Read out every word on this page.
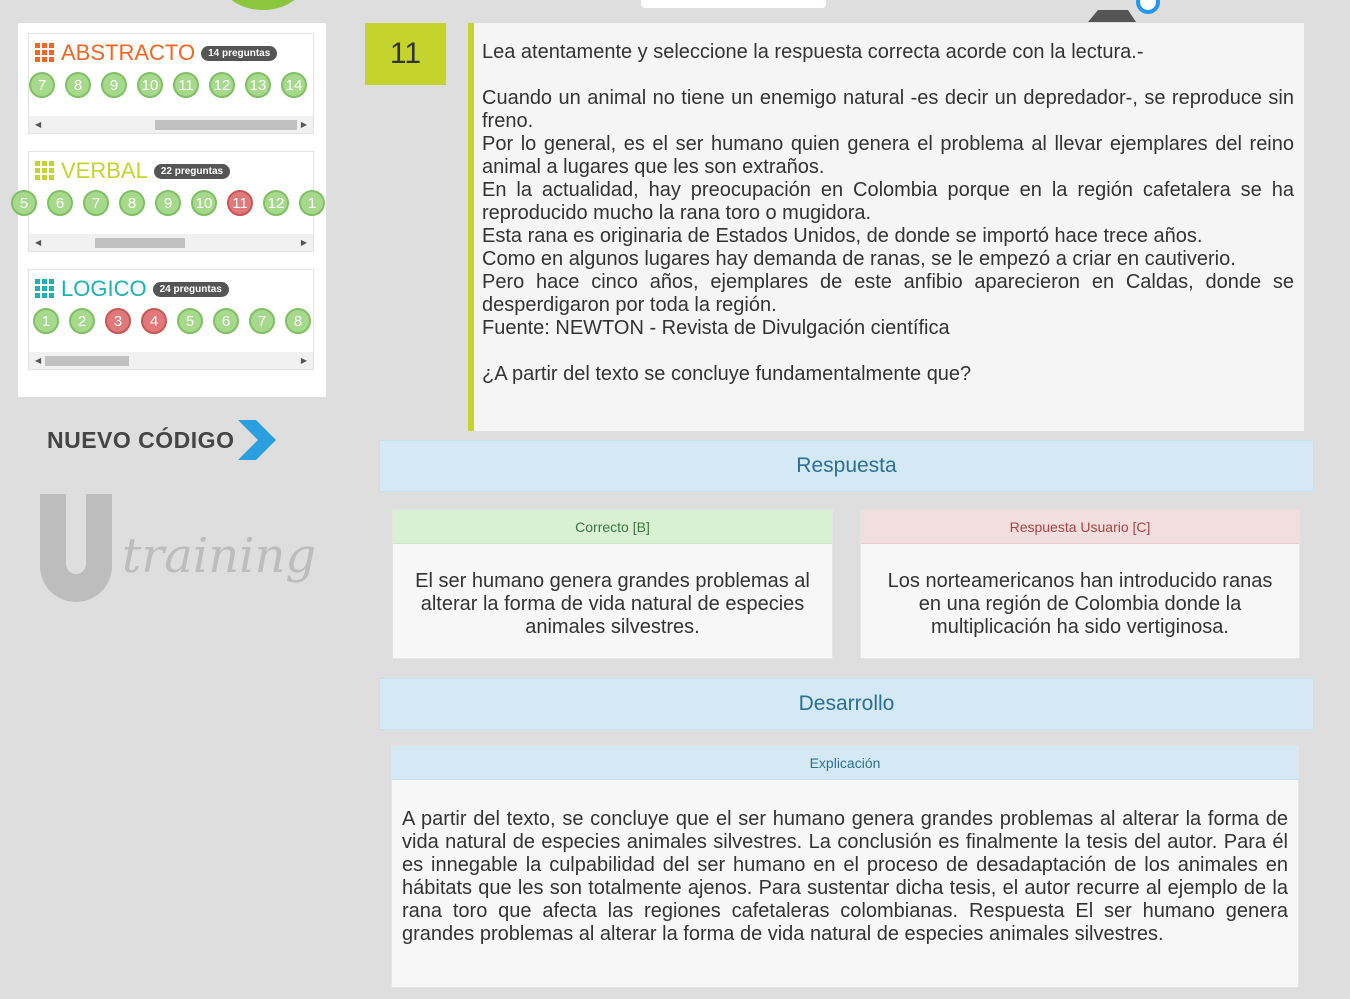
ABSTRACTO	14 preguntas
7	8	9	10	11	12	13	14
◀	▶
VERBAL	22 preguntas
5	6	7	8	9	10	11	12	1
◀	▶
LOGICO	24 preguntas
1	2	3	4	5	6	7	8
◀	▶
NUEVO CÓDIGO
training
11	Lea atentamente y seleccione la respuesta correcta acorde con la lectura.-

Cuando un animal no tiene un enemigo natural -es decir un depredador-, se reproduce sin freno.

Por lo general, es el ser humano quien genera el problema al llevar ejemplares del reino animal a lugares que les son extraños.

En la actualidad, hay preocupación en Colombia porque en la región cafetalera se ha reproducido mucho la rana toro o mugidora.

Esta rana es originaria de Estados Unidos, de donde se importó hace trece años.

Como en algunos lugares hay demanda de ranas, se le empezó a criar en cautiverio.

Pero hace cinco años, ejemplares de este anfibio aparecieron en Caldas, donde se desperdigaron por toda la región.

Fuente: NEWTON - Revista de Divulgación científica

¿A partir del texto se concluye fundamentalmente que?

Respuesta
Correcto [B]
El ser humano genera grandes problemas al alterar la forma de vida natural de especies animales silvestres.
Respuesta Usuario [C]
Los norteamericanos han introducido ranas en una región de Colombia donde la multiplicación ha sido vertiginosa.
Desarrollo
Explicación
A partir del texto, se concluye que el ser humano genera grandes problemas al alterar la forma de vida natural de especies animales silvestres. La conclusión es finalmente la tesis del autor. Para él es innegable la culpabilidad del ser humano en el proceso de desadaptación de los animales en hábitats que les son totalmente ajenos. Para sustentar dicha tesis, el autor recurre al ejemplo de la rana toro que afecta las regiones cafetaleras colombianas. Respuesta El ser humano genera grandes problemas al alterar la forma de vida natural de especies animales silvestres.
